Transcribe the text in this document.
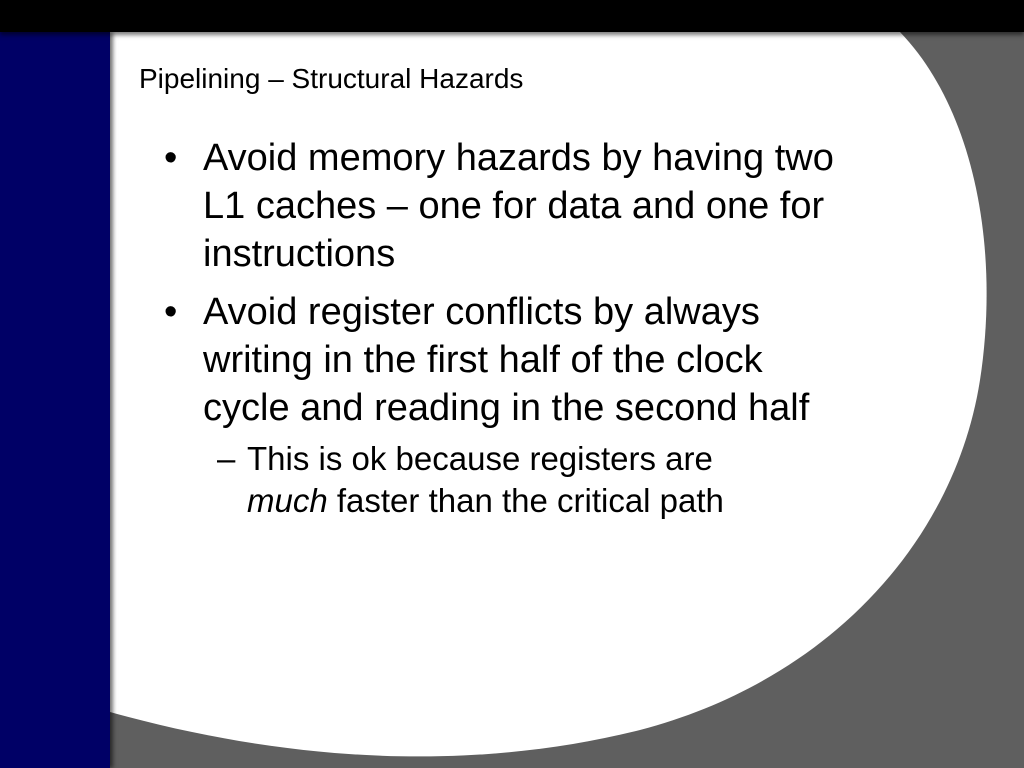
Pipelining – Structural Hazards
• Avoid memory hazards by having two L1 caches – one for data and one for instructions
• Avoid register conflicts by always writing in the first half of the clock cycle and reading in the second half
– This is ok because registers are
much faster than the critical path
